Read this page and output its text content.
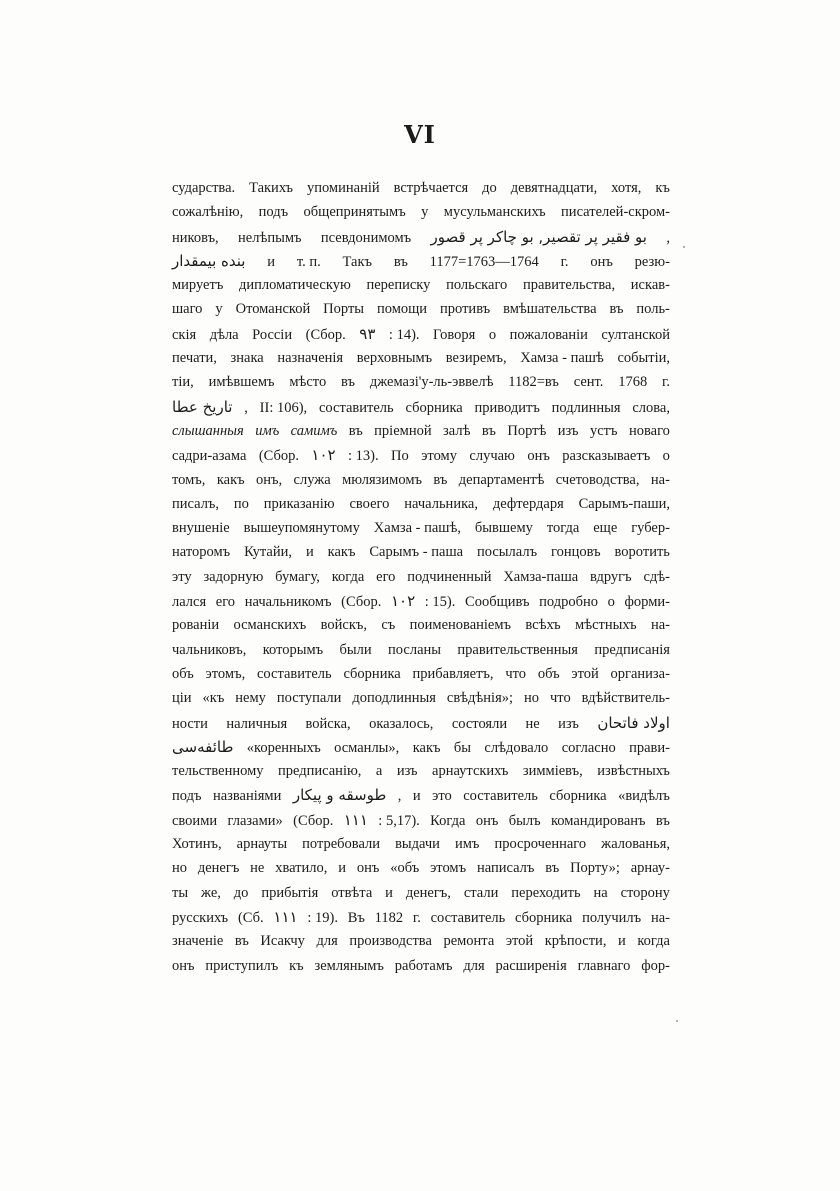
VI
сударства. Такихъ упоминаній встрѣчается до девятнадцати, хотя, къ
сожалѣнію, подъ общепринятымъ у мусульманскихъ писателей-скром-
никовъ, нелѣпымъ псевдонимомъ بو فقير پر تقصير, بو چاکر پر قصور ,
بنده بيمقدار и т. п. Такъ въ 1177=1763—1764 г. онъ резю-
мируетъ дипломатическую переписку польскаго правительства, искав-
шаго у Отоманской Порты помощи противъ вмѣшательства въ поль-
скія дѣла Россіи (Сбор. ۹۳ : 14). Говоря о пожалованіи султанской
печати, знака назначенія верховнымъ везиремъ, Хамза - пашѣ событіи,
тіи, имѣвшемъ мѣсто въ джемазі'у-ль-эввелѣ 1182=въ сент. 1768 г.
تاريخ عطا , II: 106), составитель сборника приводитъ подлинныя слова,
слышанныя имъ самимъ въ пріемной залѣ въ Портѣ изъ устъ новаго
садри-азама (Сбор. ۱۰۲ : 13). По этому случаю онъ разсказываетъ о
томъ, какъ онъ, служа мюлязимомъ въ департаментѣ счетоводства, на-
писалъ, по приказанію своего начальника, дефтердаря Сарымъ-паши,
внушеніе вышеупомянутому Хамза - пашѣ, бывшему тогда еще губер-
наторомъ Кутайи, и какъ Сарымъ - паша посылалъ гонцовъ воротить
эту задорную бумагу, когда его подчиненный Хамза-паша вдругъ сдѣ-
лался его начальникомъ (Сбор. ۱۰۲ : 15). Сообщивъ подробно о форми-
рованіи османскихъ войскъ, съ поименованіемъ всѣхъ мѣстныхъ на-
чальниковъ, которымъ были посланы правительственныя предписанія
объ этомъ, составитель сборника прибавляетъ, что объ этой организа-
ціи «къ нему поступали доподлинныя свѣдѣнія»; но что вдѣйствитель-
ности наличныя войска, оказалось, состояли не изъ اولاد فاتحان
طائفه‌سى «коренныхъ османлы», какъ бы слѣдовало согласно прави-
тельственному предписанію, а изъ арнаутскихъ зимміевъ, извѣстныхъ
подъ названіями طوسقه و پيكار , и это составитель сборника «видѣлъ
своими глазами» (Сбор. ۱۱۱ : 5,17). Когда онъ былъ командированъ въ
Хотинъ, арнауты потребовали выдачи имъ просроченнаго жалованья,
но денегъ не хватило, и онъ «объ этомъ написалъ въ Порту»; арнау-
ты же, до прибытія отвѣта и денегъ, стали переходить на сторону
русскихъ (Сб. ۱۱۱ : 19). Въ 1182 г. составитель сборника получилъ на-
значеніе въ Исакчу для производства ремонта этой крѣпости, и когда
онъ приступилъ къ землянымъ работамъ для расширенія главнаго фор-
